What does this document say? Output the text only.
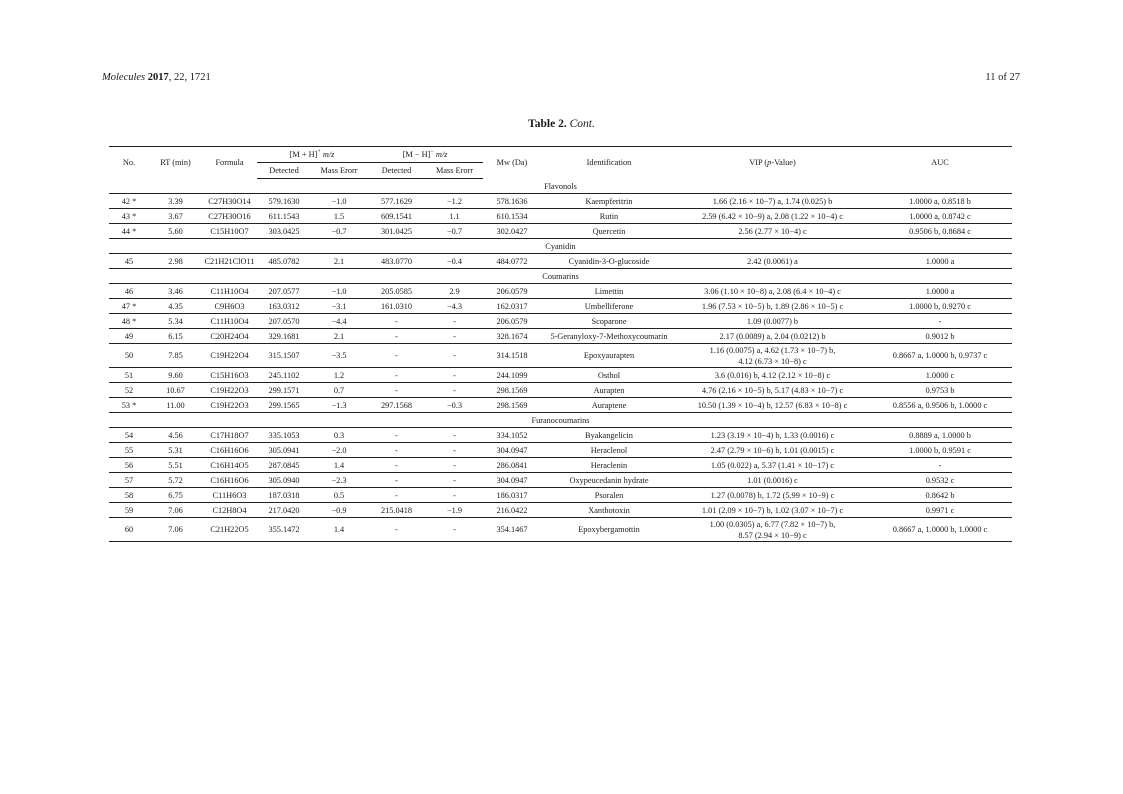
Molecules 2017, 22, 1721	11 of 27
Table 2. Cont.
No.	RT (min)	Formula	[M + H]+ m/z		[M − H]− m/z		Mw (Da)	Identification	VIP (p-Value)	AUC
			Detected	Mass Erorr	Detected	Mass Erorr				
Flavonols										
42 *	3.39	C27H30O14	579.1630	−1.0	577.1629	−1.2	578.1636	Kaempferitrin	1.66 (2.16 × 10−7) a, 1.74 (0.025) b	1.0000 a, 0.8518 b
43 *	3.67	C27H30O16	611.1543	1.5	609.1541	1.1	610.1534	Rutin	2.59 (6.42 × 10−9) a, 2.08 (1.22 × 10−4) c	1.0000 a, 0.8742 c
44 *	5.60	C15H10O7	303.0425	−0.7	301.0425	−0.7	302.0427	Quercetin	2.56 (2.77 × 10−4) c	0.9506 b, 0.8684 c
Cyanidin										
45	2.98	C21H21ClO11	485.0782	2.1	483.0770	−0.4	484.0772	Cyanidin-3-O-glucoside	2.42 (0.0061) a	1.0000 a
Coumarins										
46	3.46	C11H10O4	207.0577	−1.0	205.0585	2.9	206.0579	Limettin	3.06 (1.10 × 10−8) a, 2.08 (6.4 × 10−4) c	1.0000 a
47 *	4.35	C9H6O3	163.0312	−3.1	161.0310	−4.3	162.0317	Umbelliferone	1.96 (7.53 × 10−5) b, 1.89 (2.86 × 10−5) c	1.0000 b, 0.9270 c
48 *	5.34	C11H10O4	207.0570	−4.4	-	-	206.0579	Scoparone	1.09 (0.0077) b	-
49	6.15	C20H24O4	329.1681	2.1	-	-	328.1674	5-Geranyloxy-7-Methoxycoumarin	2.17 (0.0089) a, 2.04 (0.0212) b	0.9012 b
50	7.85	C19H22O4	315.1507	−3.5	-	-	314.1518	Epoxyaurapten	1.16 (0.0075) a, 4.62 (1.73 × 10−7) b,
4.12 (6.73 × 10−8) c	0.8667 a, 1.0000 b, 0.9737 c
51	9.60	C15H16O3	245.1102	1.2	-	-	244.1099	Osthol	3.6 (0.016) b, 4.12 (2.12 × 10−8) c	1.0000 c
52	10.67	C19H22O3	299.1571	0.7	-	-	298.1569	Aurapten	4.76 (2.16 × 10−5) b, 5.17 (4.83 × 10−7) c	0.9753 b
53 *	11.00	C19H22O3	299.1565	−1.3	297.1568	−0.3	298.1569	Auraptene	10.50 (1.39 × 10−4) b, 12.57 (6.83 × 10−8) c	0.8556 a, 0.9506 b, 1.0000 c
Furanocoumarins										
54	4.56	C17H18O7	335.1053	0.3	-	-	334.1052	Byakangelicin	1.23 (3.19 × 10−4) b, 1.33 (0.0016) c	0.8889 a, 1.0000 b
55	5.31	C16H16O6	305.0941	−2.0	-	-	304.0947	Heraclenol	2.47 (2.79 × 10−6) b, 1.01 (0.0015) c	1.0000 b, 0.9591 c
56	5.51	C16H14O5	287.0845	1.4	-	-	286.0841	Heraclenin	1.05 (0.022) a, 5.37 (1.41 × 10−17) c	-
57	5.72	C16H16O6	305.0940	−2.3	-	-	304.0947	Oxypeucedanin hydrate	1.01 (0.0016) c	0.9532 c
58	6.75	C11H6O3	187.0318	0.5	-	-	186.0317	Psoralen	1.27 (0.0078) b, 1.72 (5.99 × 10−9) c	0.8642 b
59	7.06	C12H8O4	217.0420	−0.9	215.0418	−1.9	216.0422	Xanthotoxin	1.01 (2.09 × 10−7) b, 1.02 (3.07 × 10−7) c	0.9971 c
60	7.06	C21H22O5	355.1472	1.4	-	-	354.1467	Epoxybergamottin	1.00 (0.0305) a, 6.77 (7.82 × 10−7) b,
8.57 (2.94 × 10−9) c	0.8667 a, 1.0000 b, 1.0000 c
